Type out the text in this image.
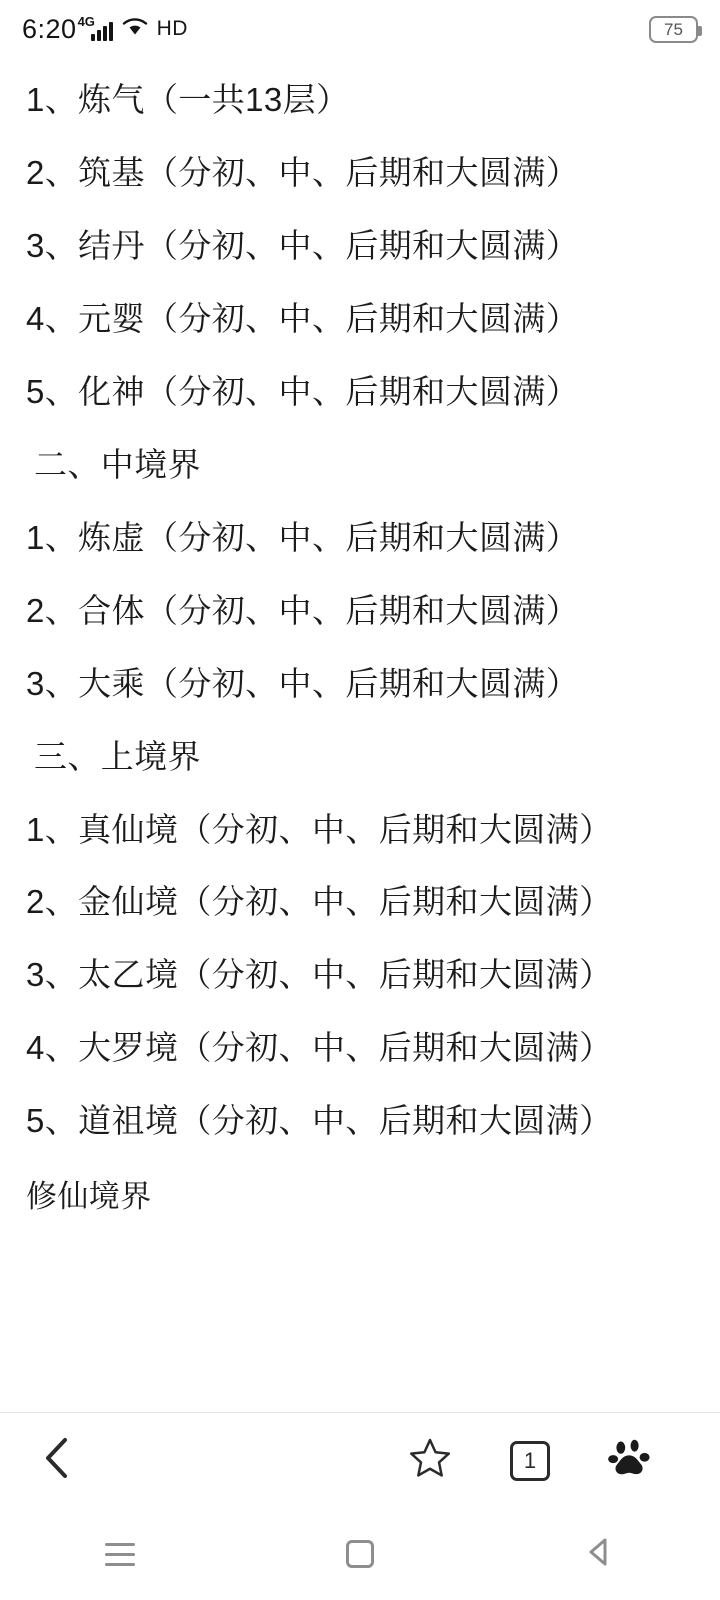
6:20 4G	HD	75
1、炼气（一共13层）
2、筑基（分初、中、后期和大圆满）
3、结丹（分初、中、后期和大圆满）
4、元婴（分初、中、后期和大圆满）
5、化神（分初、中、后期和大圆满）
二、中境界
1、炼虚（分初、中、后期和大圆满）
2、合体（分初、中、后期和大圆满）
3、大乘（分初、中、后期和大圆满）
三、上境界
1、真仙境（分初、中、后期和大圆满）
2、金仙境（分初、中、后期和大圆满）
3、太乙境（分初、中、后期和大圆满）
4、大罗境（分初、中、后期和大圆满）
5、道祖境（分初、中、后期和大圆满）
修仙境界
1
